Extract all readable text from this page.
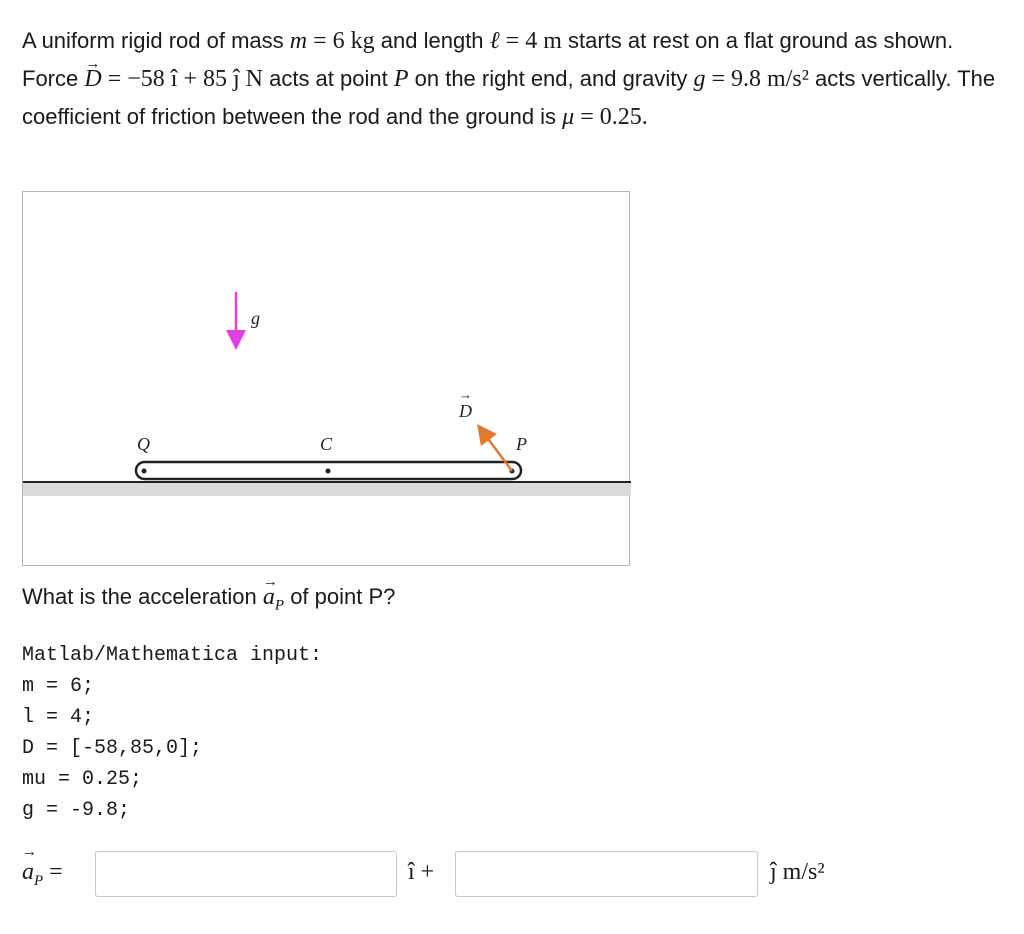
A uniform rigid rod of mass m = 6 kg and length ℓ = 4 m starts at rest on a flat ground as shown. Force → D = −58 î + 85 ĵ N acts at point P on the right end, and gravity g = 9.8 m/s² acts vertically. The coefficient of friction between the rod and the ground is μ = 0.25.
g
Q	C	P
D
→
What is the acceleration → $a_P$ of point P?
Matlab/Mathematica input:
m = 6;
l = 4;
D = [-58,85,0];
mu = 0.25;
g = -9.8;
→ $a_P$ =	î +	ĵ m/s²
